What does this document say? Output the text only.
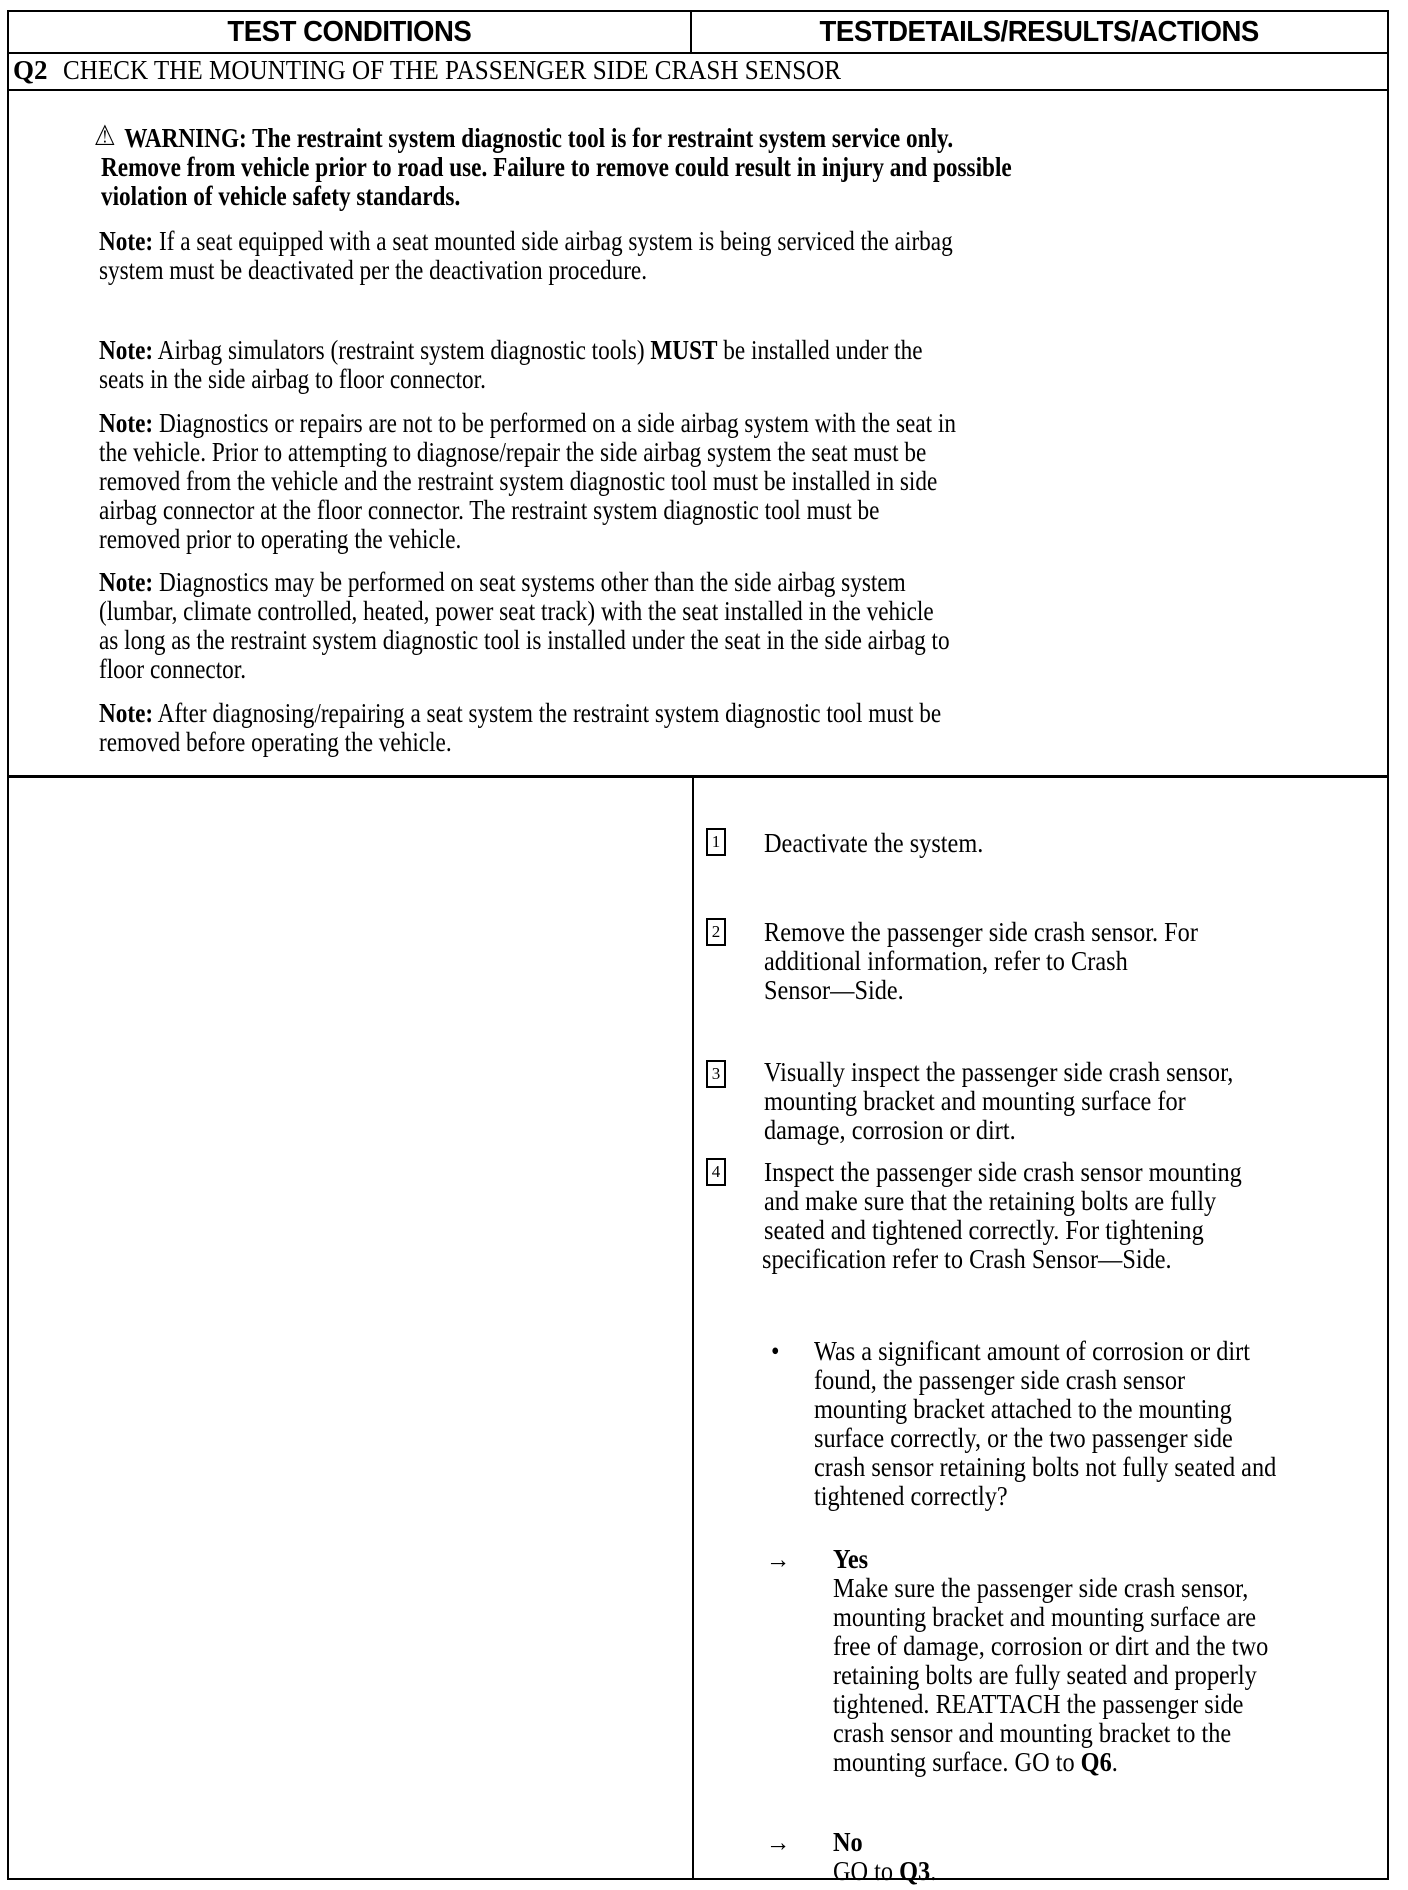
TEST CONDITIONS	TESTDETAILS/RESULTS/ACTIONS
Q2 CHECK THE MOUNTING OF THE PASSENGER SIDE CRASH SENSOR
⚠ WARNING: The restraint system diagnostic tool is for restraint system service only.
Remove from vehicle prior to road use. Failure to remove could result in injury and possible
violation of vehicle safety standards.
Note: If a seat equipped with a seat mounted side airbag system is being serviced the airbag
system must be deactivated per the deactivation procedure.
Note: Airbag simulators (restraint system diagnostic tools) MUST be installed under the
seats in the side airbag to floor connector.
Note: Diagnostics or repairs are not to be performed on a side airbag system with the seat in
the vehicle. Prior to attempting to diagnose/repair the side airbag system the seat must be
removed from the vehicle and the restraint system diagnostic tool must be installed in side
airbag connector at the floor connector. The restraint system diagnostic tool must be
removed prior to operating the vehicle.
Note: Diagnostics may be performed on seat systems other than the side airbag system
(lumbar, climate controlled, heated, power seat track) with the seat installed in the vehicle
as long as the restraint system diagnostic tool is installed under the seat in the side airbag to
floor connector.
Note: After diagnosing/repairing a seat system the restraint system diagnostic tool must be
removed before operating the vehicle.
1 Deactivate the system.
2 Remove the passenger side crash sensor. For
additional information, refer to Crash
Sensor—Side.
3 Visually inspect the passenger side crash sensor,
mounting bracket and mounting surface for
damage, corrosion or dirt.
4 Inspect the passenger side crash sensor mounting
and make sure that the retaining bolts are fully
seated and tightened correctly. For tightening
specification refer to Crash Sensor—Side.
• Was a significant amount of corrosion or dirt
found, the passenger side crash sensor
mounting bracket attached to the mounting
surface correctly, or the two passenger side
crash sensor retaining bolts not fully seated and
tightened correctly?
→ Yes
Make sure the passenger side crash sensor,
mounting bracket and mounting surface are
free of damage, corrosion or dirt and the two
retaining bolts are fully seated and properly
tightened. REATTACH the passenger side
crash sensor and mounting bracket to the
mounting surface. GO to Q6.
→ No
GO to Q3.
